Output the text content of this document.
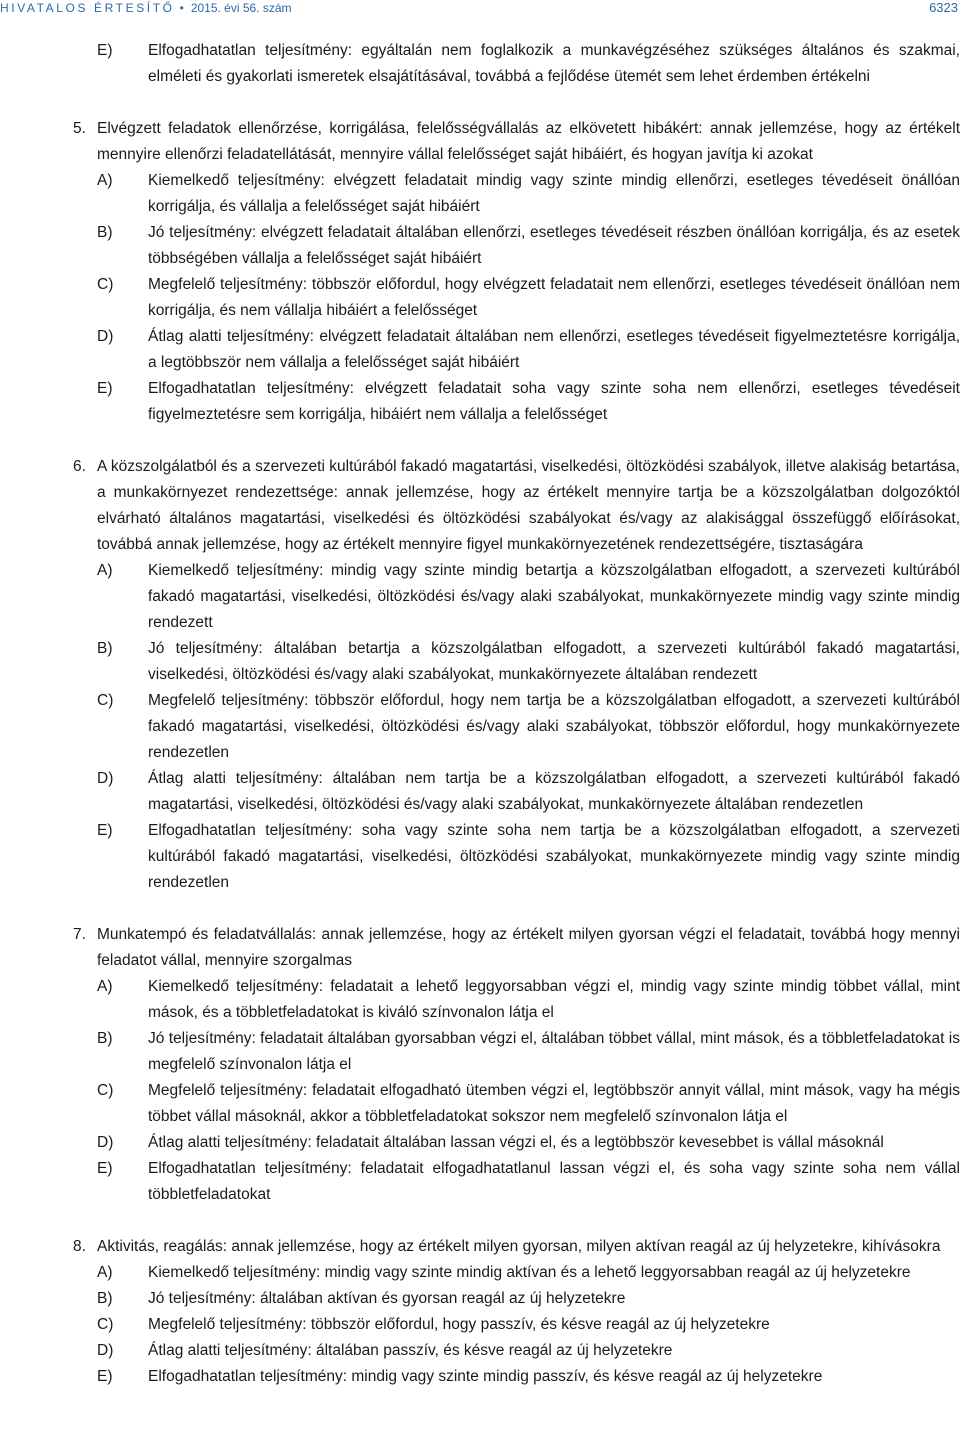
HIVATALOS ÉRTESÍTŐ • 2015. évi 56. szám	6323
E)	Elfogadhatatlan teljesítmény: egyáltalán nem foglalkozik a munkavégzéséhez szükséges általános és szakmai, elméleti és gyakorlati ismeretek elsajátításával, továbbá a fejlődése ütemét sem lehet érdemben értékelni
5. Elvégzett feladatok ellenőrzése, korrigálása, felelősségvállalás az elkövetett hibákért: annak jellemzése, hogy az értékelt mennyire ellenőrzi feladatellátását, mennyire vállal felelősséget saját hibáiért, és hogyan javítja ki azokat
A)	Kiemelkedő teljesítmény: elvégzett feladatait mindig vagy szinte mindig ellenőrzi, esetleges tévedéseit önállóan korrigálja, és vállalja a felelősséget saját hibáiért
B)	Jó teljesítmény: elvégzett feladatait általában ellenőrzi, esetleges tévedéseit részben önállóan korrigálja, és az esetek többségében vállalja a felelősséget saját hibáiért
C)	Megfelelő teljesítmény: többször előfordul, hogy elvégzett feladatait nem ellenőrzi, esetleges tévedéseit önállóan nem korrigálja, és nem vállalja hibáiért a felelősséget
D)	Átlag alatti teljesítmény: elvégzett feladatait általában nem ellenőrzi, esetleges tévedéseit figyelmeztetésre korrigálja, a legtöbbször nem vállalja a felelősséget saját hibáiért
E)	Elfogadhatatlan teljesítmény: elvégzett feladatait soha vagy szinte soha nem ellenőrzi, esetleges tévedéseit figyelmeztetésre sem korrigálja, hibáiért nem vállalja a felelősséget
6. A közszolgálatból és a szervezeti kultúrából fakadó magatartási, viselkedési, öltözködési szabályok, illetve alakiság betartása, a munkakörnyezet rendezettsége: annak jellemzése, hogy az értékelt mennyire tartja be a közszolgálatban dolgozóktól elvárható általános magatartási, viselkedési és öltözködési szabályokat és/vagy az alakisággal összefüggő előírásokat, továbbá annak jellemzése, hogy az értékelt mennyire figyel munkakörnyezetének rendezettségére, tisztaságára
A)	Kiemelkedő teljesítmény: mindig vagy szinte mindig betartja a közszolgálatban elfogadott, a szervezeti kultúrából fakadó magatartási, viselkedési, öltözködési és/vagy alaki szabályokat, munkakörnyezete mindig vagy szinte mindig rendezett
B)	Jó teljesítmény: általában betartja a közszolgálatban elfogadott, a szervezeti kultúrából fakadó magatartási, viselkedési, öltözködési és/vagy alaki szabályokat, munkakörnyezete általában rendezett
C)	Megfelelő teljesítmény: többször előfordul, hogy nem tartja be a közszolgálatban elfogadott, a szervezeti kultúrából fakadó magatartási, viselkedési, öltözködési és/vagy alaki szabályokat, többször előfordul, hogy munkakörnyezete rendezetlen
D)	Átlag alatti teljesítmény: általában nem tartja be a közszolgálatban elfogadott, a szervezeti kultúrából fakadó magatartási, viselkedési, öltözködési és/vagy alaki szabályokat, munkakörnyezete általában rendezetlen
E)	Elfogadhatatlan teljesítmény: soha vagy szinte soha nem tartja be a közszolgálatban elfogadott, a szervezeti kultúrából fakadó magatartási, viselkedési, öltözködési szabályokat, munkakörnyezete mindig vagy szinte mindig rendezetlen
7. Munkatempó és feladatvállalás: annak jellemzése, hogy az értékelt milyen gyorsan végzi el feladatait, továbbá hogy mennyi feladatot vállal, mennyire szorgalmas
A)	Kiemelkedő teljesítmény: feladatait a lehető leggyorsabban végzi el, mindig vagy szinte mindig többet vállal, mint mások, és a többletfeladatokat is kiváló színvonalon látja el
B)	Jó teljesítmény: feladatait általában gyorsabban végzi el, általában többet vállal, mint mások, és a többletfeladatokat is megfelelő színvonalon látja el
C)	Megfelelő teljesítmény: feladatait elfogadható ütemben végzi el, legtöbbször annyit vállal, mint mások, vagy ha mégis többet vállal másoknál, akkor a többletfeladatokat sokszor nem megfelelő színvonalon látja el
D)	Átlag alatti teljesítmény: feladatait általában lassan végzi el, és a legtöbbször kevesebbet is vállal másoknál
E)	Elfogadhatatlan teljesítmény: feladatait elfogadhatatlanul lassan végzi el, és soha vagy szinte soha nem vállal többletfeladatokat
8. Aktivitás, reagálás: annak jellemzése, hogy az értékelt milyen gyorsan, milyen aktívan reagál az új helyzetekre, kihívásokra
A)	Kiemelkedő teljesítmény: mindig vagy szinte mindig aktívan és a lehető leggyorsabban reagál az új helyzetekre
B)	Jó teljesítmény: általában aktívan és gyorsan reagál az új helyzetekre
C)	Megfelelő teljesítmény: többször előfordul, hogy passzív, és késve reagál az új helyzetekre
D)	Átlag alatti teljesítmény: általában passzív, és késve reagál az új helyzetekre
E)	Elfogadhatatlan teljesítmény: mindig vagy szinte mindig passzív, és késve reagál az új helyzetekre
